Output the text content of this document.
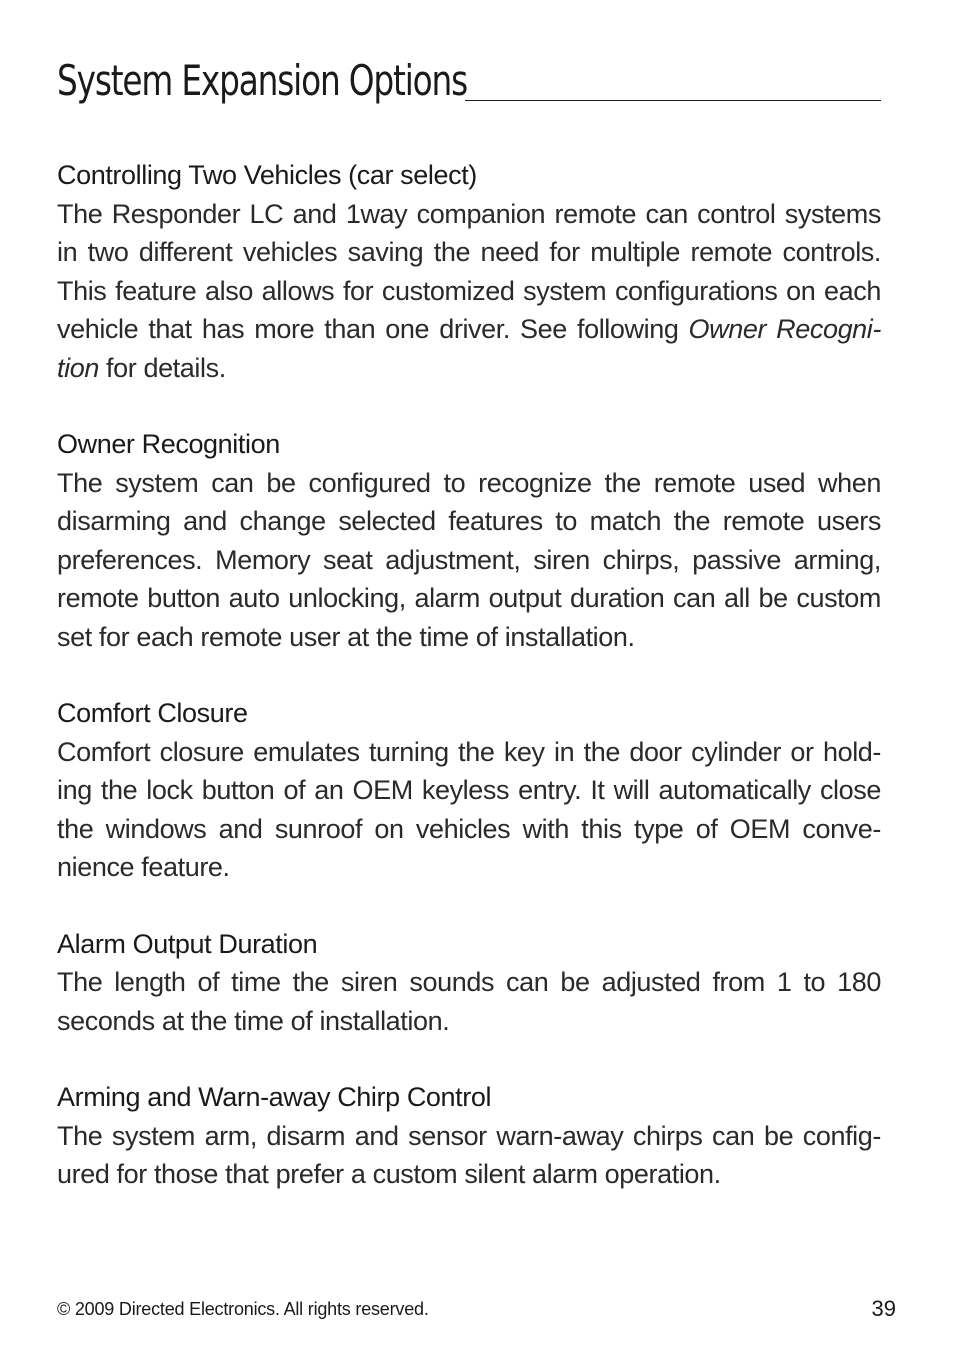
System Expansion Options
Controlling Two Vehicles (car select)

The Responder LC and 1way companion remote can control systems in two different vehicles saving the need for multiple remote controls. This feature also allows for customized system configurations on each vehicle that has more than one driver. See following Owner Recogni-tion for details.

Owner Recognition

The system can be configured to recognize the remote used when disarming and change selected features to match the remote users preferences. Memory seat adjustment, siren chirps, passive arming, remote button auto unlocking, alarm output duration can all be custom set for each remote user at the time of installation.

Comfort Closure

Comfort closure emulates turning the key in the door cylinder or hold-ing the lock button of an OEM keyless entry. It will automatically close the windows and sunroof on vehicles with this type of OEM conve-nience feature.

Alarm Output Duration

The length of time the siren sounds can be adjusted from 1 to 180 seconds at the time of installation.

Arming and Warn-away Chirp Control

The system arm, disarm and sensor warn-away chirps can be config-ured for those that prefer a custom silent alarm operation.

© 2009 Directed Electronics. All rights reserved.	39
